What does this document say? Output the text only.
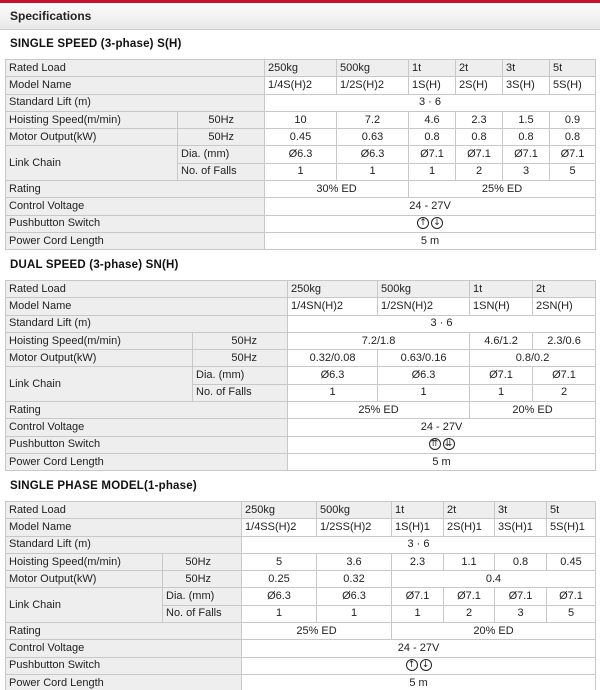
Specifications
SINGLE SPEED (3-phase) S(H)
Rated Load		250kg	500kg	1t	2t	3t	5t
Model Name		1/4S(H)2	1/2S(H)2	1S(H)	2S(H)	3S(H)	5S(H)
Standard Lift (m)		3 · 6					
Hoisting Speed(m/min)	50Hz	10	7.2	4.6	2.3	1.5	0.9
Motor Output(kW)	50Hz	0.45	0.63	0.8	0.8	0.8	0.8
Link Chain	Dia. (mm)	Ø6.3	Ø6.3	Ø7.1	Ø7.1	Ø7.1	Ø7.1
	No. of Falls	1	1	1	2	3	5
Rating		30% ED		25% ED			
Control Voltage		24 - 27V					
Pushbutton Switch		↑ ↓					
Power Cord Length		5 m					
DUAL SPEED (3-phase) SN(H)
Rated Load		250kg	500kg	1t	2t
Model Name		1/4SN(H)2	1/2SN(H)2	1SN(H)	2SN(H)
Standard Lift (m)		3 · 6			
Hoisting Speed(m/min)	50Hz	7.2/1.8		4.6/1.2	2.3/0.6
Motor Output(kW)	50Hz	0.32/0.08	0.63/0.16	0.8/0.2	
Link Chain	Dia. (mm)	Ø6.3	Ø6.3	Ø7.1	Ø7.1
	No. of Falls	1	1	1	2
Rating		25% ED		20% ED	
Control Voltage		24 - 27V			
Pushbutton Switch		⇈ ⇊			
Power Cord Length		5 m			
SINGLE PHASE MODEL(1-phase)
Rated Load		250kg	500kg	1t	2t	3t	5t
Model Name		1/4SS(H)2	1/2SS(H)2	1S(H)1	2S(H)1	3S(H)1	5S(H)1
Standard Lift (m)		3 · 6					
Hoisting Speed(m/min)	50Hz	5	3.6	2.3	1.1	0.8	0.45
Motor Output(kW)	50Hz	0.25	0.32	0.4			
Link Chain	Dia. (mm)	Ø6.3	Ø6.3	Ø7.1	Ø7.1	Ø7.1	Ø7.1
	No. of Falls	1	1	1	2	3	5
Rating		25% ED		20% ED			
Control Voltage		24 - 27V					
Pushbutton Switch		↑ ↓					
Power Cord Length		5 m					
